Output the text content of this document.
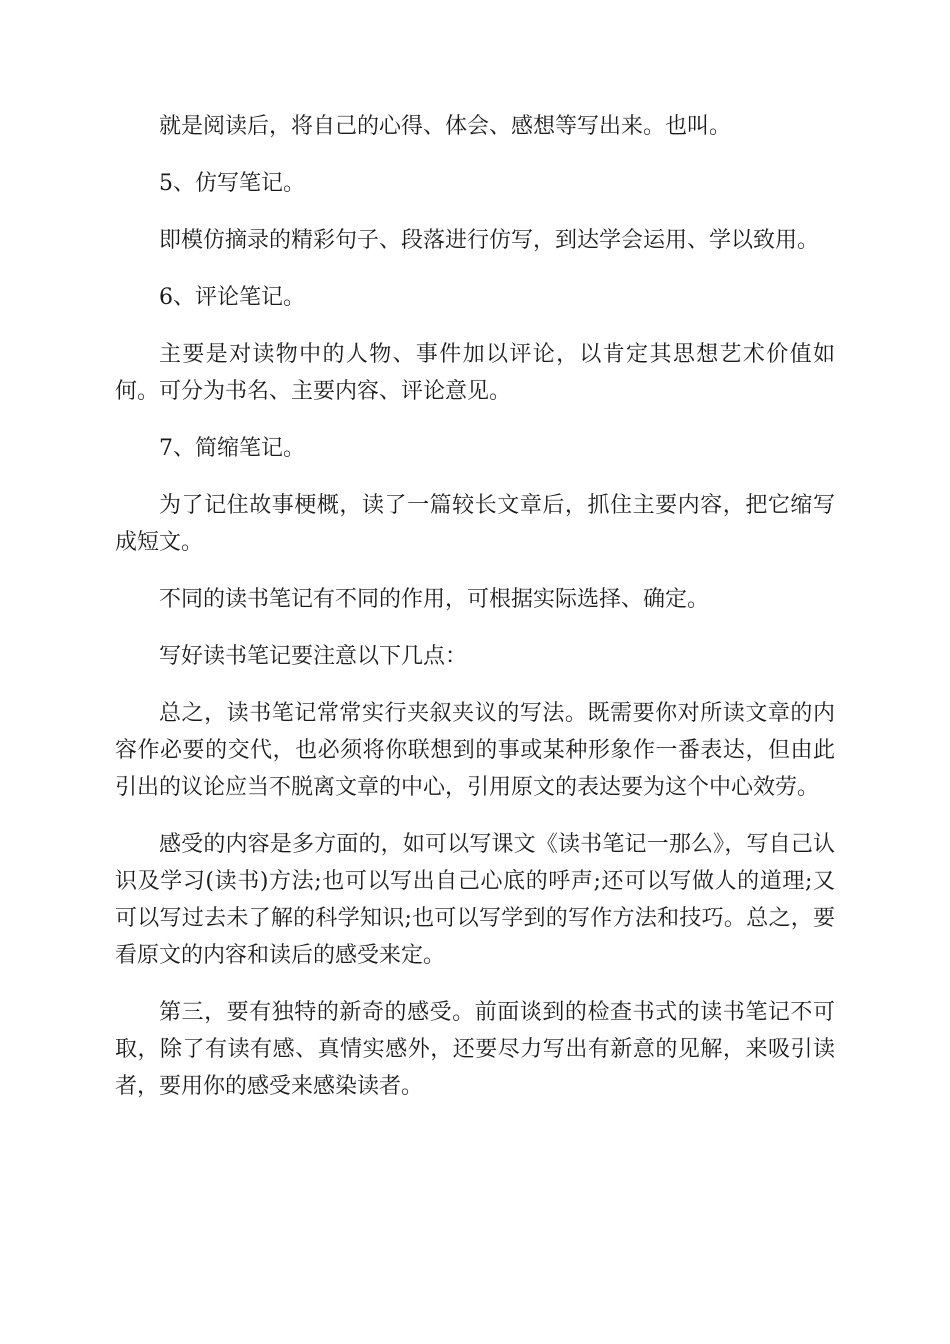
就是阅读后，将自己的心得、体会、感想等写出来。也叫。

5、仿写笔记。

即模仿摘录的精彩句子、段落进行仿写，到达学会运用、学以致用。

6、评论笔记。

主要是对读物中的人物、事件加以评论，以肯定其思想艺术价值如何。可分为书名、主要内容、评论意见。

7、简缩笔记。

为了记住故事梗概，读了一篇较长文章后，抓住主要内容，把它缩写成短文。

不同的读书笔记有不同的作用，可根据实际选择、确定。

写好读书笔记要注意以下几点：

总之，读书笔记常常实行夹叙夹议的写法。既需要你对所读文章的内容作必要的交代，也必须将你联想到的事或某种形象作一番表达，但由此引出的议论应当不脱离文章的中心，引用原文的表达要为这个中心效劳。

感受的内容是多方面的，如可以写课文《读书笔记一那么》，写自己认识及学习(读书)方法;也可以写出自己心底的呼声;还可以写做人的道理;又可以写过去未了解的科学知识;也可以写学到的写作方法和技巧。总之，要看原文的内容和读后的感受来定。

第三，要有独特的新奇的感受。前面谈到的检查书式的读书笔记不可取，除了有读有感、真情实感外，还要尽力写出有新意的见解，来吸引读者，要用你的感受来感染读者。
